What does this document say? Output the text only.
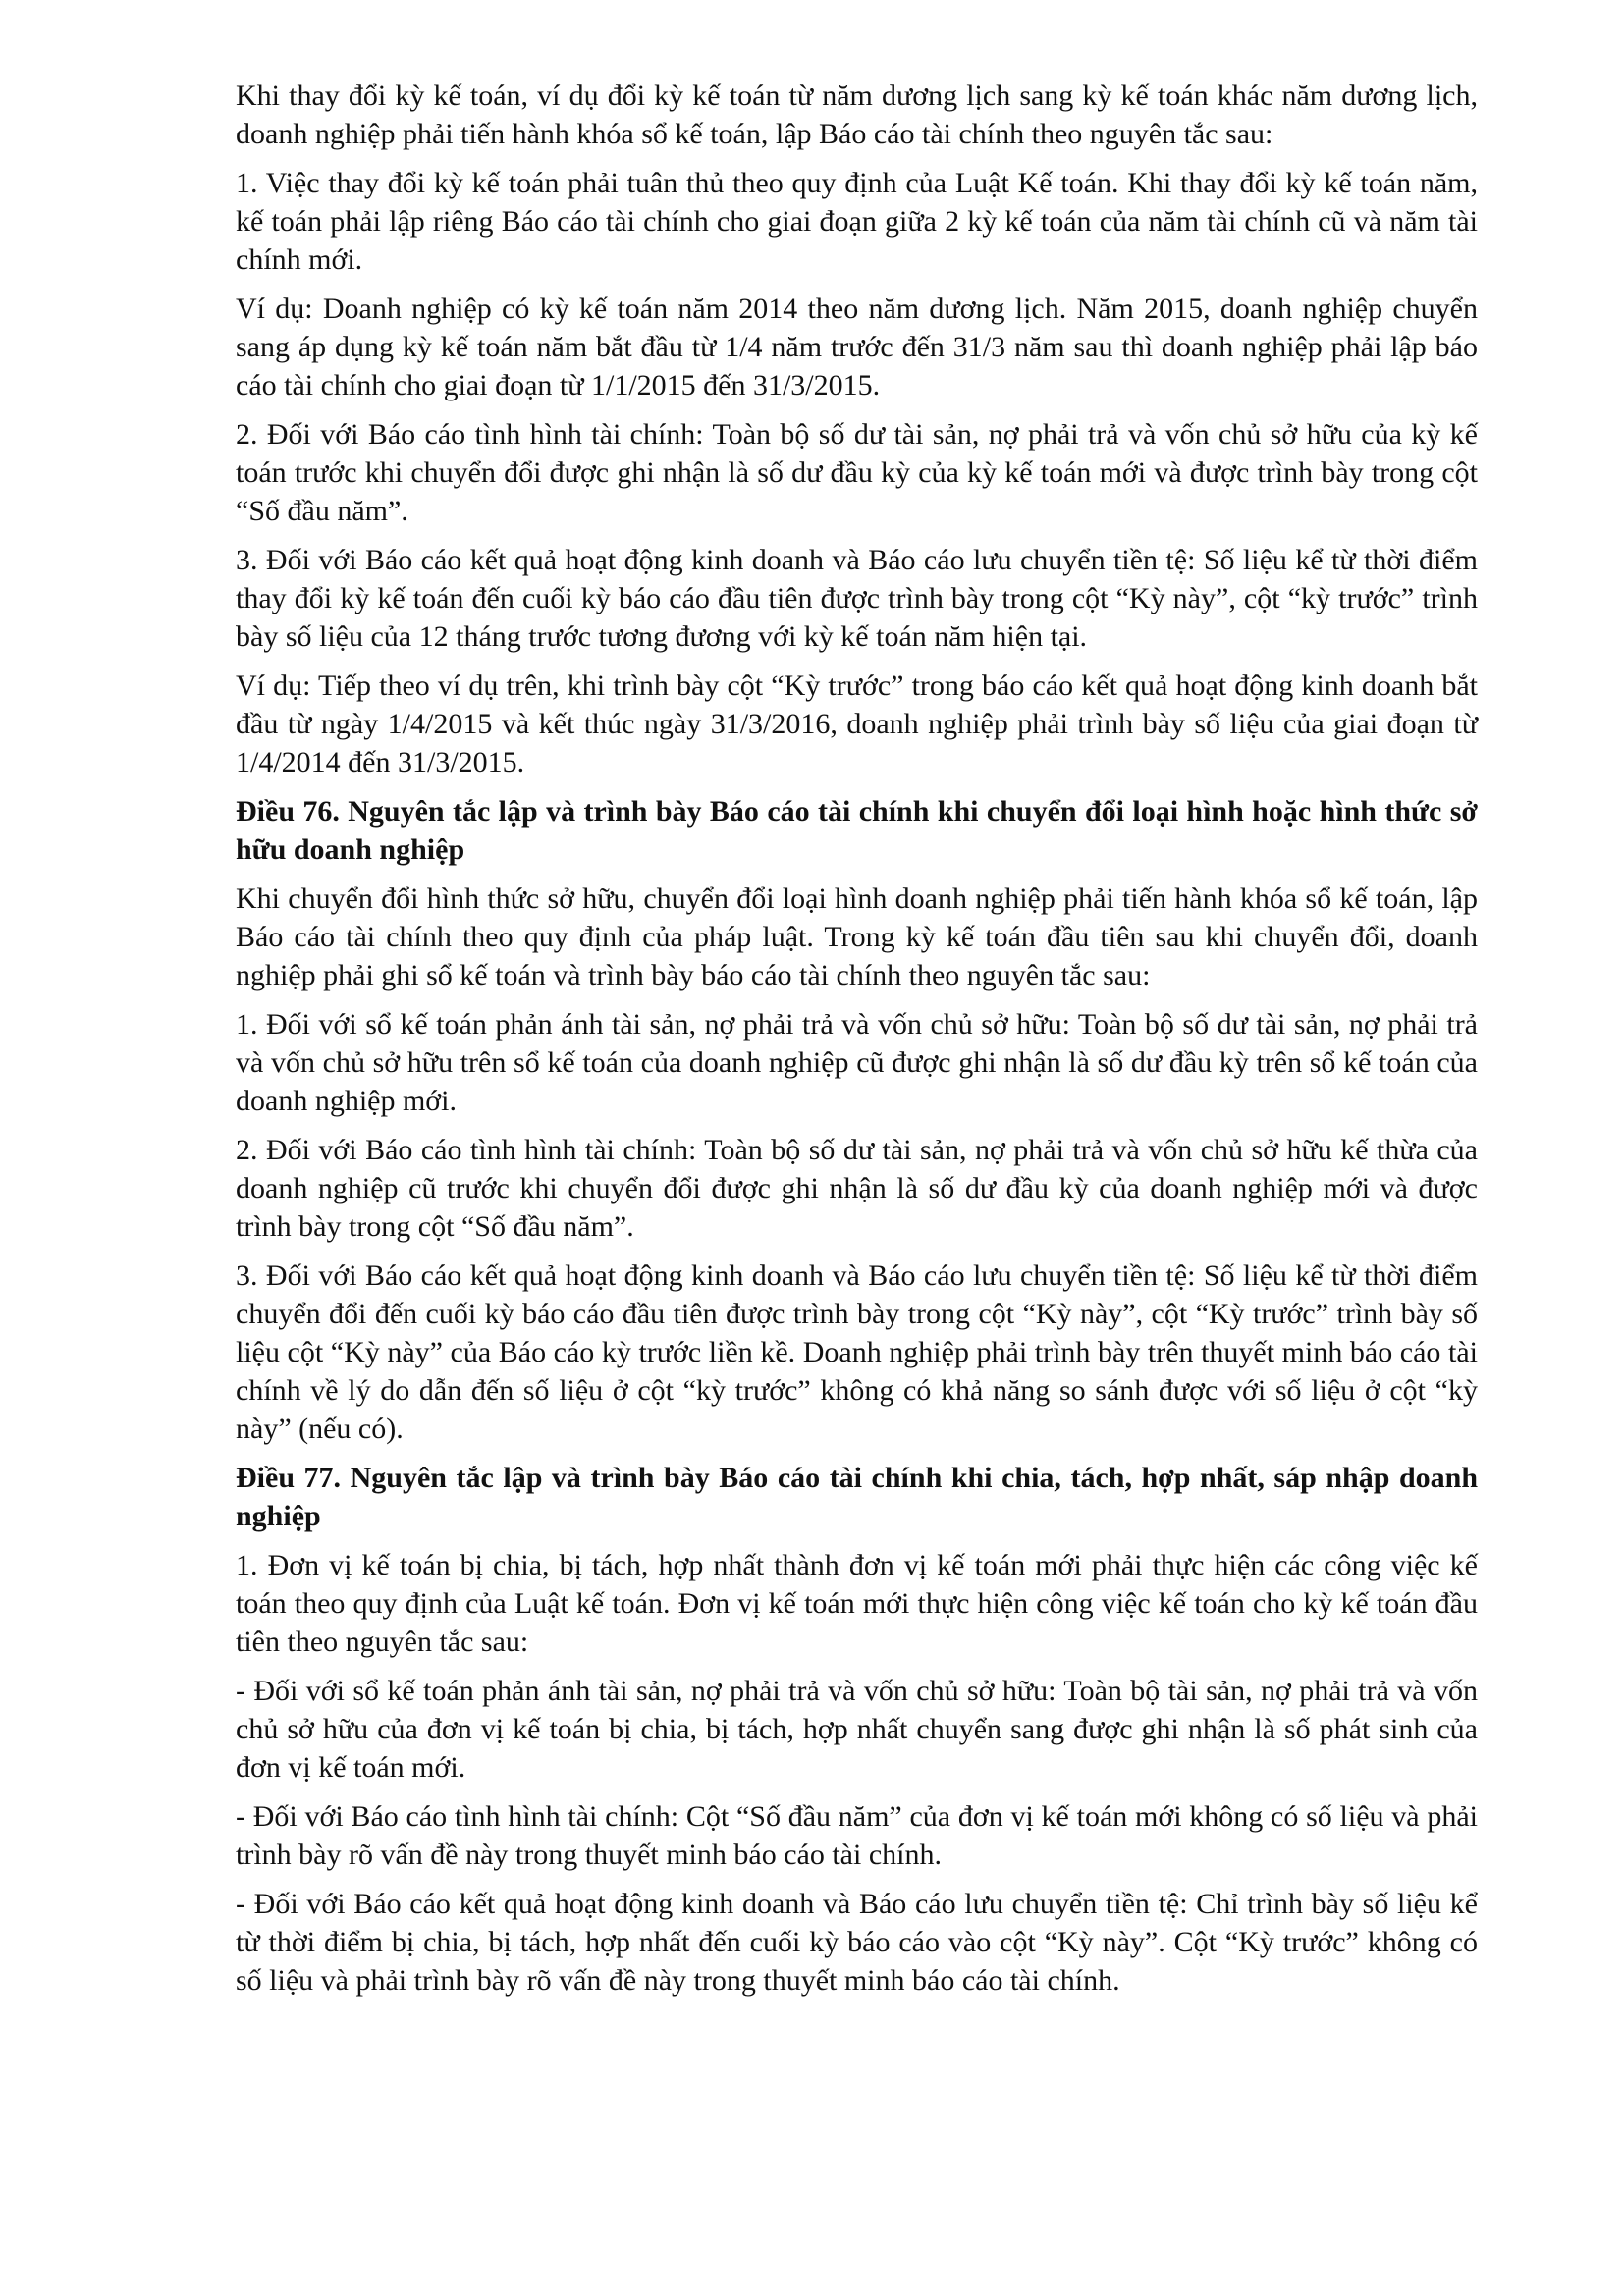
Khi thay đổi kỳ kế toán, ví dụ đổi kỳ kế toán từ năm dương lịch sang kỳ kế toán khác năm dương lịch, doanh nghiệp phải tiến hành khóa sổ kế toán, lập Báo cáo tài chính theo nguyên tắc sau:

1. Việc thay đổi kỳ kế toán phải tuân thủ theo quy định của Luật Kế toán. Khi thay đổi kỳ kế toán năm, kế toán phải lập riêng Báo cáo tài chính cho giai đoạn giữa 2 kỳ kế toán của năm tài chính cũ và năm tài chính mới.

Ví dụ: Doanh nghiệp có kỳ kế toán năm 2014 theo năm dương lịch. Năm 2015, doanh nghiệp chuyển sang áp dụng kỳ kế toán năm bắt đầu từ 1/4 năm trước đến 31/3 năm sau thì doanh nghiệp phải lập báo cáo tài chính cho giai đoạn từ 1/1/2015 đến 31/3/2015.

2. Đối với Báo cáo tình hình tài chính: Toàn bộ số dư tài sản, nợ phải trả và vốn chủ sở hữu của kỳ kế toán trước khi chuyển đổi được ghi nhận là số dư đầu kỳ của kỳ kế toán mới và được trình bày trong cột “Số đầu năm”.

3. Đối với Báo cáo kết quả hoạt động kinh doanh và Báo cáo lưu chuyển tiền tệ: Số liệu kể từ thời điểm thay đổi kỳ kế toán đến cuối kỳ báo cáo đầu tiên được trình bày trong cột “Kỳ này”, cột “kỳ trước” trình bày số liệu của 12 tháng trước tương đương với kỳ kế toán năm hiện tại.

Ví dụ: Tiếp theo ví dụ trên, khi trình bày cột “Kỳ trước” trong báo cáo kết quả hoạt động kinh doanh bắt đầu từ ngày 1/4/2015 và kết thúc ngày 31/3/2016, doanh nghiệp phải trình bày số liệu của giai đoạn từ 1/4/2014 đến 31/3/2015.

Điều 76. Nguyên tắc lập và trình bày Báo cáo tài chính khi chuyển đổi loại hình hoặc hình thức sở hữu doanh nghiệp

Khi chuyển đổi hình thức sở hữu, chuyển đổi loại hình doanh nghiệp phải tiến hành khóa sổ kế toán, lập Báo cáo tài chính theo quy định của pháp luật. Trong kỳ kế toán đầu tiên sau khi chuyển đổi, doanh nghiệp phải ghi sổ kế toán và trình bày báo cáo tài chính theo nguyên tắc sau:

1. Đối với sổ kế toán phản ánh tài sản, nợ phải trả và vốn chủ sở hữu: Toàn bộ số dư tài sản, nợ phải trả và vốn chủ sở hữu trên sổ kế toán của doanh nghiệp cũ được ghi nhận là số dư đầu kỳ trên sổ kế toán của doanh nghiệp mới.

2. Đối với Báo cáo tình hình tài chính: Toàn bộ số dư tài sản, nợ phải trả và vốn chủ sở hữu kế thừa của doanh nghiệp cũ trước khi chuyển đổi được ghi nhận là số dư đầu kỳ của doanh nghiệp mới và được trình bày trong cột “Số đầu năm”.

3. Đối với Báo cáo kết quả hoạt động kinh doanh và Báo cáo lưu chuyển tiền tệ: Số liệu kể từ thời điểm chuyển đổi đến cuối kỳ báo cáo đầu tiên được trình bày trong cột “Kỳ này”, cột “Kỳ trước” trình bày số liệu cột “Kỳ này” của Báo cáo kỳ trước liền kề. Doanh nghiệp phải trình bày trên thuyết minh báo cáo tài chính về lý do dẫn đến số liệu ở cột “kỳ trước” không có khả năng so sánh được với số liệu ở cột “kỳ này” (nếu có).

Điều 77. Nguyên tắc lập và trình bày Báo cáo tài chính khi chia, tách, hợp nhất, sáp nhập doanh nghiệp

1. Đơn vị kế toán bị chia, bị tách, hợp nhất thành đơn vị kế toán mới phải thực hiện các công việc kế toán theo quy định của Luật kế toán. Đơn vị kế toán mới thực hiện công việc kế toán cho kỳ kế toán đầu tiên theo nguyên tắc sau:

- Đối với sổ kế toán phản ánh tài sản, nợ phải trả và vốn chủ sở hữu: Toàn bộ tài sản, nợ phải trả và vốn chủ sở hữu của đơn vị kế toán bị chia, bị tách, hợp nhất chuyển sang được ghi nhận là số phát sinh của đơn vị kế toán mới.

- Đối với Báo cáo tình hình tài chính: Cột “Số đầu năm” của đơn vị kế toán mới không có số liệu và phải trình bày rõ vấn đề này trong thuyết minh báo cáo tài chính.

- Đối với Báo cáo kết quả hoạt động kinh doanh và Báo cáo lưu chuyển tiền tệ: Chỉ trình bày số liệu kể từ thời điểm bị chia, bị tách, hợp nhất đến cuối kỳ báo cáo vào cột “Kỳ này”. Cột “Kỳ trước” không có số liệu và phải trình bày rõ vấn đề này trong thuyết minh báo cáo tài chính.
